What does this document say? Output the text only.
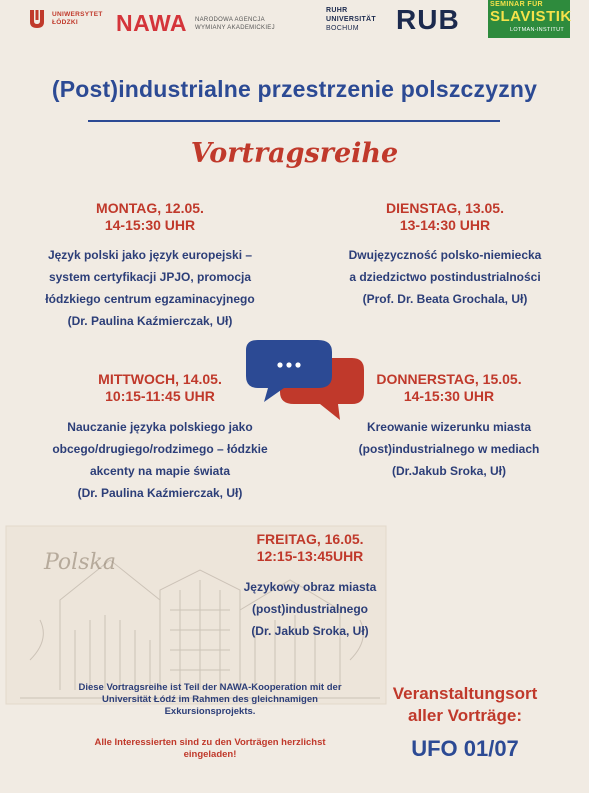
UNIWERSYTET
ŁÓDZKI	NAWA NARODOWA AGENCJA
WYMIANY AKADEMICKIEJ
RUHR
UNIVERSITÄT
BOCHUM	RUB	SEMINAR FÜR
SLAVISTIK
LOTMAN-INSTITUT
(Post)industrialne przestrzenie polszczyzny
Vortragsreihe
Polska
MONTAG, 12.05.
14-15:30 UHR
Język polski jako język europejski –
system certyfikacji JPJO, promocja
łódzkiego centrum egzaminacyjnego
(Dr. Paulina Kaźmierczak, Uł)
DIENSTAG, 13.05.
13-14:30 UHR
Dwujęzyczność polsko-niemiecka
a dziedzictwo postindustrialności
(Prof. Dr. Beata Grochala, Uł)
MITTWOCH, 14.05.
10:15-11:45 UHR
Nauczanie języka polskiego jako
obcego/drugiego/rodzimego – łódzkie
akcenty na mapie świata
(Dr. Paulina Kaźmierczak, Uł)
DONNERSTAG, 15.05.
14-15:30 UHR
Kreowanie wizerunku miasta
(post)industrialnego w mediach
(Dr.Jakub Sroka, Uł)
FREITAG, 16.05.
12:15-13:45UHR
Językowy obraz miasta
(post)industrialnego
(Dr. Jakub Sroka, Uł)
Diese Vortragsreihe ist Teil der NAWA-Kooperation mit der
Universität Łódź im Rahmen des gleichnamigen
Exkursionsprojekts.
Alle Interessierten sind zu den Vorträgen herzlichst
eingeladen!
Veranstaltungsort
aller Vorträge:
UFO 01/07
